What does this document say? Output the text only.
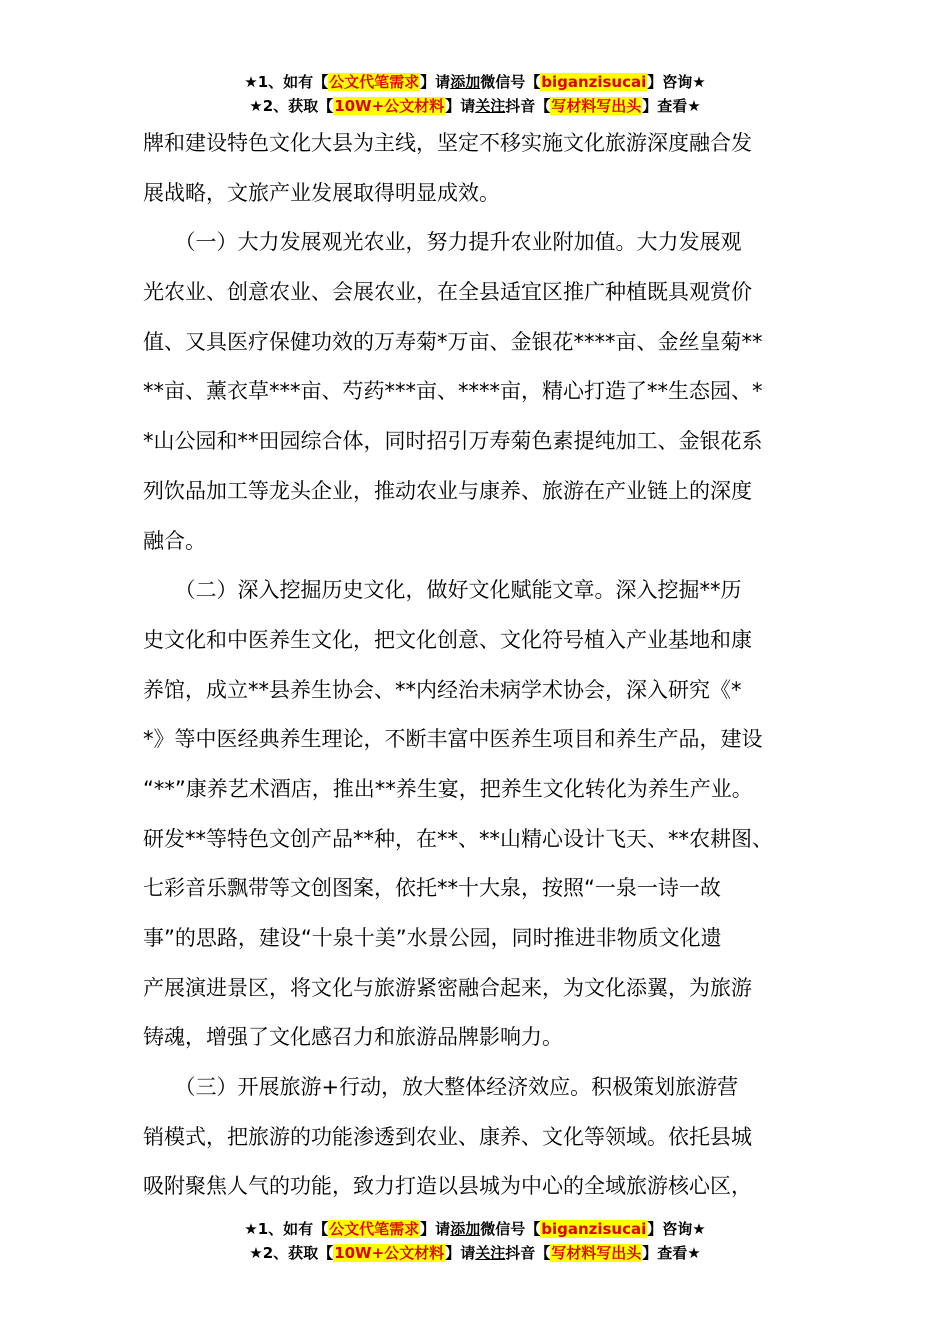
★1、如有【公文代笔需求】请添加微信号【biganzisucai】咨询★
★2、获取【10W+公文材料】请关注抖音【写材料写出头】查看★
牌和建设特色文化大县为主线，坚定不移实施文化旅游深度融合发
展战略，文旅产业发展取得明显成效。
　　（一）大力发展观光农业，努力提升农业附加值。大力发展观
光农业、创意农业、会展农业，在全县适宜区推广种植既具观赏价
值、又具医疗保健功效的万寿菊*万亩、金银花****亩、金丝皇菊**
**亩、薰衣草***亩、芍药***亩、****亩，精心打造了**生态园、*
*山公园和**田园综合体，同时招引万寿菊色素提纯加工、金银花系
列饮品加工等龙头企业，推动农业与康养、旅游在产业链上的深度
融合。
　　（二）深入挖掘历史文化，做好文化赋能文章。深入挖掘**历
史文化和中医养生文化，把文化创意、文化符号植入产业基地和康
养馆，成立**县养生协会、**内经治未病学术协会，深入研究《*
*》等中医经典养生理论，不断丰富中医养生项目和养生产品，建设
“**”康养艺术酒店，推出**养生宴，把养生文化转化为养生产业。
研发**等特色文创产品**种，在**、**山精心设计飞天、**农耕图、
七彩音乐飘带等文创图案，依托**十大泉，按照“一泉一诗一故
事”的思路，建设“十泉十美”水景公园，同时推进非物质文化遗
产展演进景区，将文化与旅游紧密融合起来，为文化添翼，为旅游
铸魂，增强了文化感召力和旅游品牌影响力。
　　（三）开展旅游+行动，放大整体经济效应。积极策划旅游营
销模式，把旅游的功能渗透到农业、康养、文化等领域。依托县城
吸附聚焦人气的功能，致力打造以县城为中心的全域旅游核心区，
★1、如有【公文代笔需求】请添加微信号【biganzisucai】咨询★
★2、获取【10W+公文材料】请关注抖音【写材料写出头】查看★
